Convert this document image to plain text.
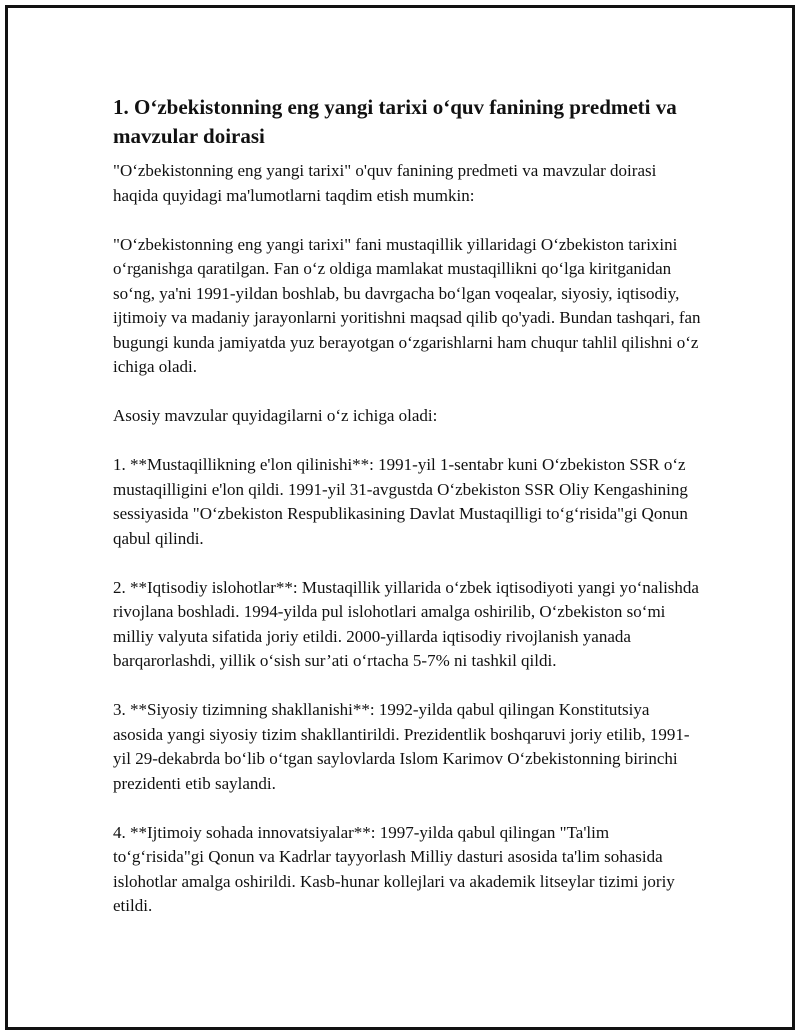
1. O‘zbekistonning eng yangi tarixi o‘quv fanining predmeti va mavzular doirasi

"O‘zbekistonning eng yangi tarixi" o'quv fanining predmeti va mavzular doirasi haqida quyidagi ma'lumotlarni taqdim etish mumkin:

"O‘zbekistonning eng yangi tarixi" fani mustaqillik yillaridagi O‘zbekiston tarixini o‘rganishga qaratilgan. Fan o‘z oldiga mamlakat mustaqillikni qo‘lga kiritganidan so‘ng, ya'ni 1991-yildan boshlab, bu davrgacha bo‘lgan voqealar, siyosiy, iqtisodiy, ijtimoiy va madaniy jarayonlarni yoritishni maqsad qilib qo'yadi. Bundan tashqari, fan bugungi kunda jamiyatda yuz berayotgan o‘zgarishlarni ham chuqur tahlil qilishni o‘z ichiga oladi.

Asosiy mavzular quyidagilarni o‘z ichiga oladi:

1. **Mustaqillikning e'lon qilinishi**: 1991-yil 1-sentabr kuni O‘zbekiston SSR o‘z mustaqilligini e'lon qildi. 1991-yil 31-avgustda O‘zbekiston SSR Oliy Kengashining sessiyasida "O‘zbekiston Respublikasining Davlat Mustaqilligi to‘g‘risida"gi Qonun qabul qilindi.

2. **Iqtisodiy islohotlar**: Mustaqillik yillarida o‘zbek iqtisodiyoti yangi yo‘nalishda rivojlana boshladi. 1994-yilda pul islohotlari amalga oshirilib, O‘zbekiston so‘mi milliy valyuta sifatida joriy etildi. 2000-yillarda iqtisodiy rivojlanish yanada barqarorlashdi, yillik o‘sish sur’ati o‘rtacha 5-7% ni tashkil qildi.

3. **Siyosiy tizimning shakllanishi**: 1992-yilda qabul qilingan Konstitutsiya asosida yangi siyosiy tizim shakllantirildi. Prezidentlik boshqaruvi joriy etilib, 1991-yil 29-dekabrda bo‘lib o‘tgan saylovlarda Islom Karimov O‘zbekistonning birinchi prezidenti etib saylandi.

4. **Ijtimoiy sohada innovatsiyalar**: 1997-yilda qabul qilingan "Ta'lim to‘g‘risida"gi Qonun va Kadrlar tayyorlash Milliy dasturi asosida ta'lim sohasida islohotlar amalga oshirildi. Kasb-hunar kollejlari va akademik litseylar tizimi joriy etildi.
